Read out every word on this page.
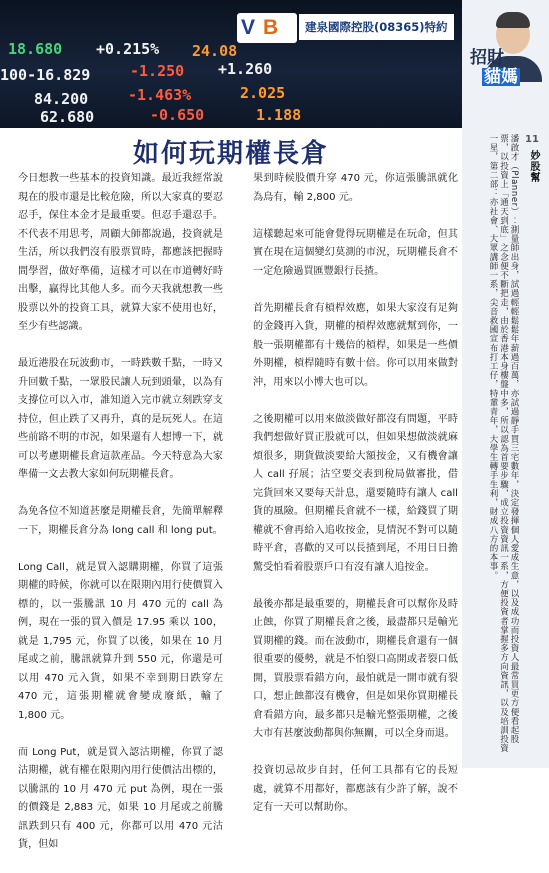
18.680 +0.215% 24.08
100-16.829	-1.250 +1.260
84.200	-1.463%	2.025
62.680	-0.650	1.188
V B	建泉國際控股(08365)特約
招財
貓媽
11
妙股幫
潘啟才（Planner）︰測量師出身，試過輕輕鬆鬆年薪過百萬，亦試過靜手買三宅數年，決定發揮個人愛成生意，以及成功而投資人最常買更方便看起股票，以投資上「通天到底」之念便不斷把走，由於香港本身樓盤中多，所以認為首要步驟，成立投資資訊一系，方便投資者掌握多方向資訊，以及培訓投資一星，第二部：亦社會、大眾講師一系，尖音救國宣布打工仔，特輩青年，大學生轉手生利，財成八方的本事。
如何玩期權長倉

今日想教一些基本的投資知識。最近我經常說現在的股市還是比較危險，所以大家真的要忍忍手，保住本金才是最重要。但忍手還忍手。不代表不用思考，周顧大師都說過，投資就是生活，所以我們沒有股票買時，都應該把握時間學習，做好準備，這樣才可以在市道轉好時出擊，贏得比其他人多。而今天我就想教一些股票以外的投資工具，就算大家不使用也好，至少有些認識。

最近港股在玩波動市，一時跌數千點，一時又升回數千點，一眾股民讓人玩到頭暈，以為有支撐位可以入市，誰知道入完市就立刻跌穿支持位，但止跌了又再升，真的是玩死人。在這些前路不明的市況，如果還有人想博一下，就可以考慮期權長倉這款產品。今天特意為大家準備一文去教大家如何玩期權長倉。

為免各位不知道甚麼是期權長倉，先簡單解釋一下，期權長倉分為 long call 和 long put。

Long Call，就是買入認購期權，你買了這張期權的時候，你就可以在限期內用行使價買入標的，以一張騰訊 10 月 470 元的 call 為例，現在一張的買入價是 17.95 乘以 100，就是 1,795 元，你買了以後，如果在 10 月尾或之前，騰訊就算升到 550 元，你還是可以用 470 元入貨，如果不幸到期日跌穿左 470 元，這張期權就會變成廢紙，輸了 1,800 元。

而 Long Put，就是買入認沽期權，你買了認沽期權，就有權在限期內用行使價沽出標的，以騰訊的 10 月 470 元 put 為例，現在一張的價錢是 2,883 元，如果 10 月尾或之前騰訊跌到只有 400 元，你都可以用 470 元沽貨，但如

果到時候股價升穿 470 元，你這張騰訊就化為烏有，輸 2,800 元。

這樣聽起來可能會覺得玩期權是在玩命，但其實在現在這個變幻莫測的市況，玩期權長倉不一定危險過買匯豐銀行長揸。

首先期權長倉有槓桿效應，如果大家沒有足夠的金錢再入貨，期權的槓桿效應就幫到你，一般一張期權都有十幾倍的槓桿，如果是一些價外期權，槓桿隨時有數十倍。你可以用來做對沖，用來以小博大也可以。

之後期權可以用來做淡做好都沒有問題，平時我們想做好買正股就可以，但如果想做淡就麻煩很多，期貨做淡要給大額按金，又有機會讓人 call 孖展；沽空要交表到稅局做審批，借完貨回來又要每天計息，還要隨時有讓人 call 貨的風險。但期權長倉就不一樣，給錢買了期權就不會再給入追收按金，見情況不對可以隨時平倉，喜歡的又可以長揸到尾，不用日日擔驚受怕看着股票戶口有沒有讓人追按金。

最後亦都是最重要的，期權長倉可以幫你及時止蝕，你買了期權長倉之後，最盡都只是輸光買期權的錢。而在波動市，期權長倉還有一個很重要的優勢，就是不怕裂口高開或者裂口低開，買股票看錯方向，最怕就是一開市就有裂口，想止蝕都沒有機會，但是如果你買期權長倉看錯方向，最多都只是輸光整張期權，之後大市有甚麼波動都與你無關，可以全身而退。

投資切忌故步自封，任何工具都有它的長短處，就算不用都好，都應該有少許了解，說不定有一天可以幫助你。
